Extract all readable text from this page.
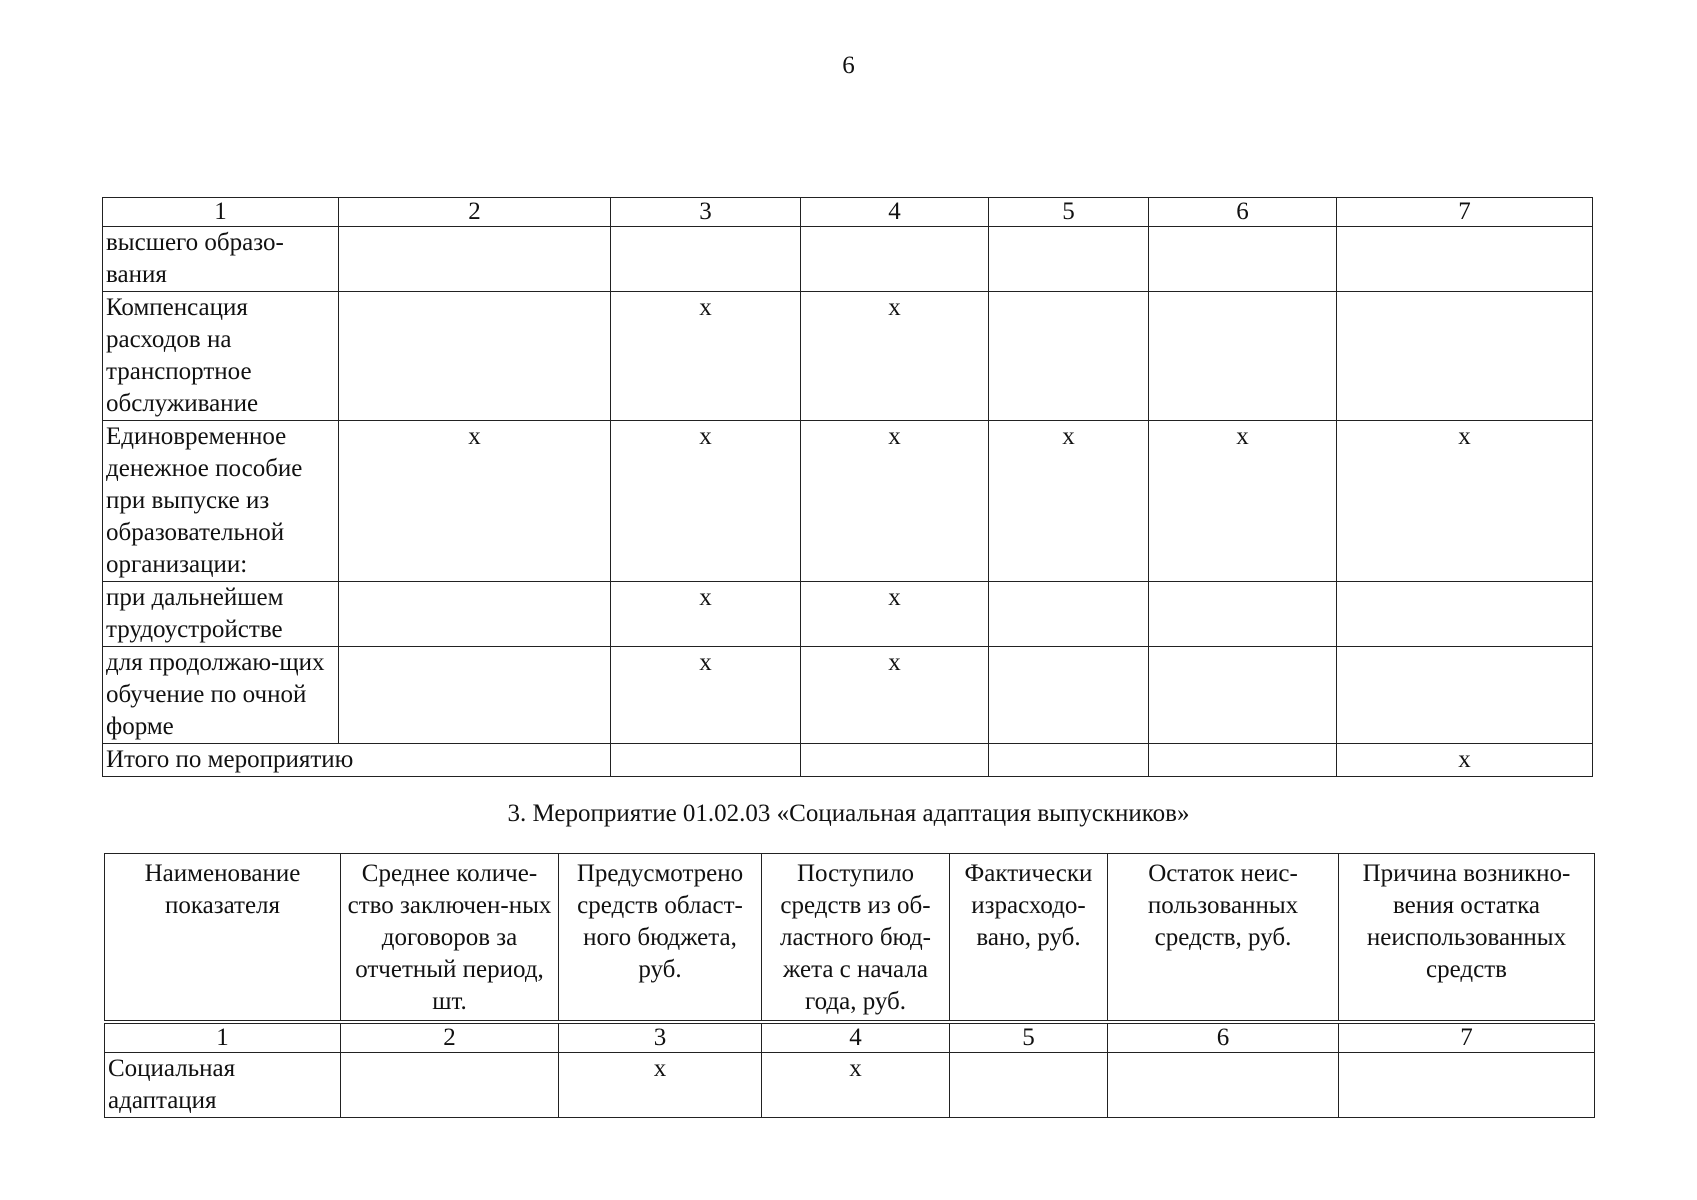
6
1	2	3	4	5	6	7
высшего образо-вания						
Компенсация расходов на транспортное обслуживание		x	x			
Единовременное денежное пособие при выпуске из образовательной организации:	x	x	x	x	x	x
при дальнейшем трудоустройстве		x	x			
для продолжаю-щих обучение по очной форме		x	x			
Итого по мероприятию						x
3. Мероприятие 01.02.03 «Социальная адаптация выпускников»
Наименование показателя	Среднее количе-ство заключен-ных договоров за отчетный период, шт.	Предусмотрено средств област-ного бюджета, руб.	Поступило средств из об-ластного бюд-жета с начала года, руб.	Фактически израсходо-вано, руб.	Остаток неис-пользованных средств, руб.	Причина возникно-вения остатка неиспользованных средств
1	2	3	4	5	6	7
Социальная адаптация		x	x			
